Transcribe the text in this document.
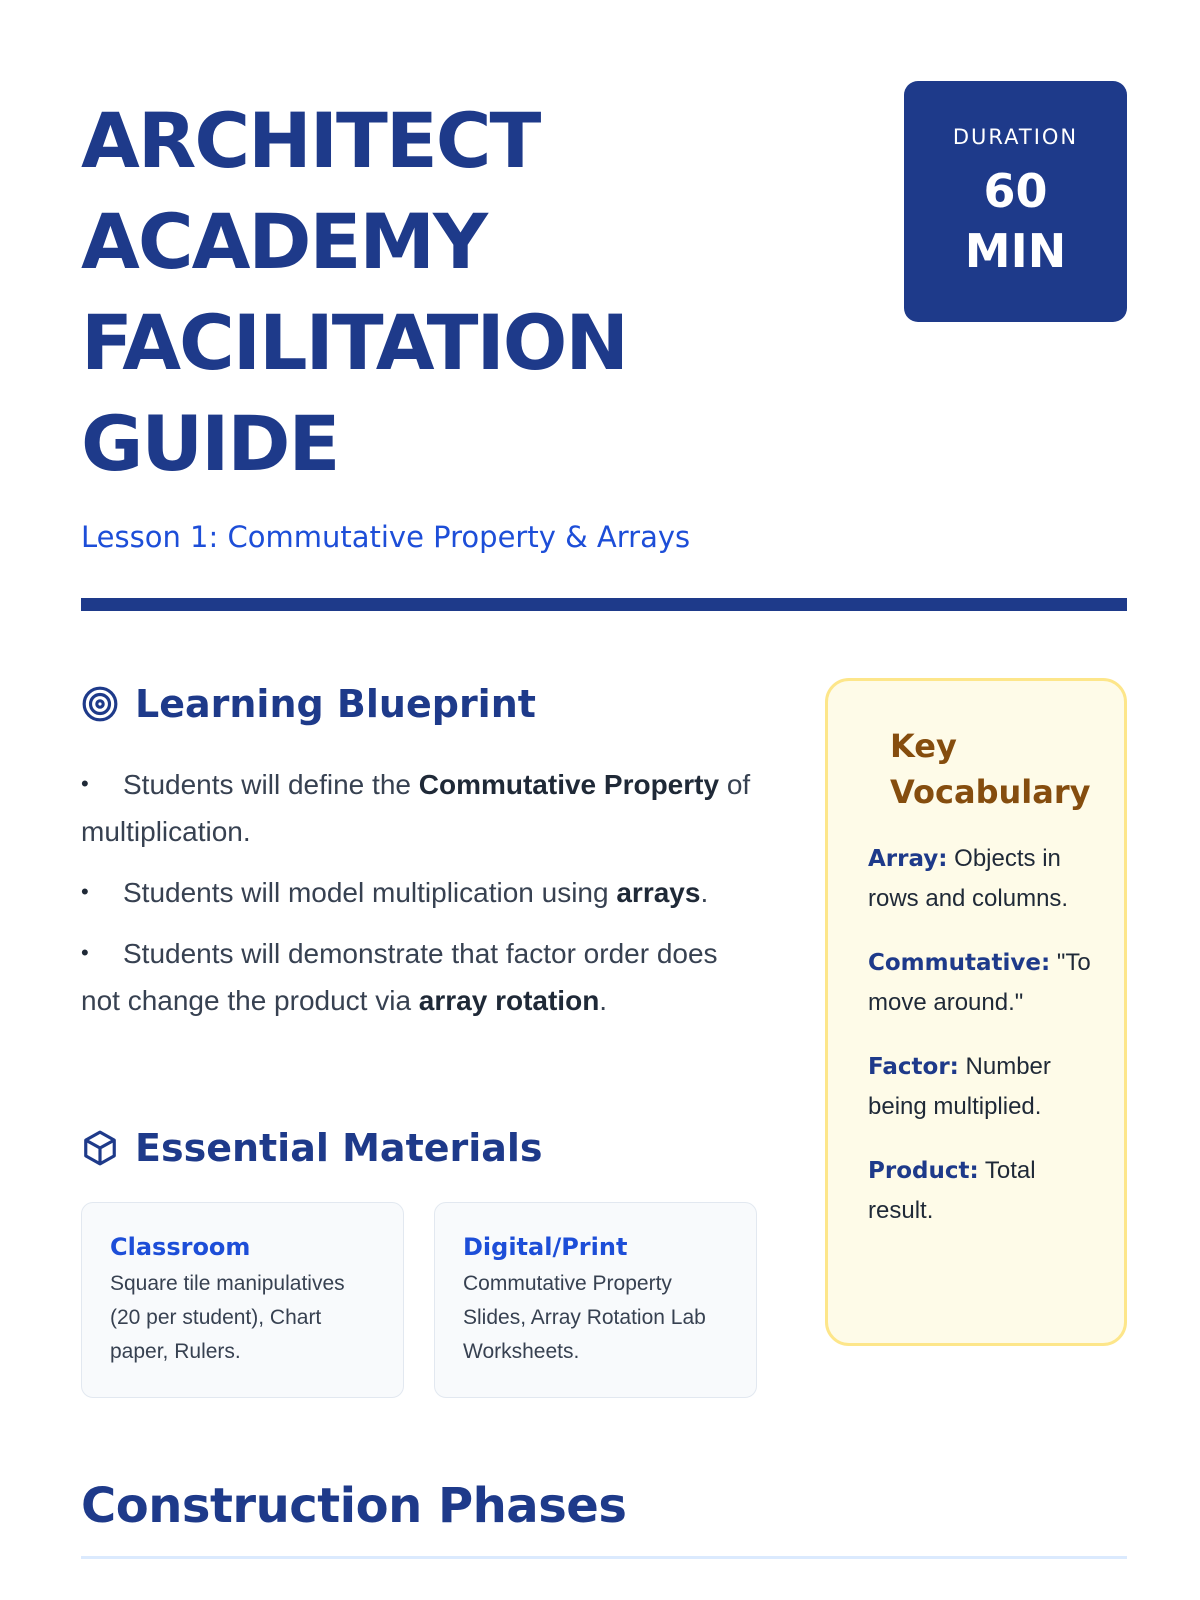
ARCHITECT
ACADEMY
FACILITATION
GUIDE
Lesson 1: Commutative Property & Arrays
DURATION
60
MIN
Learning Blueprint
• Students will define the Commutative Property of multiplication.
• Students will model multiplication using arrays.
• Students will demonstrate that factor order does not change the product via array rotation.
Essential Materials
Classroom
Square tile manipulatives (20 per student), Chart paper, Rulers.
Digital/Print
Commutative Property Slides, Array Rotation Lab Worksheets.
Key
Vocabulary
Array: Objects in rows and columns.
Commutative: "To move around."
Factor: Number being multiplied.
Product: Total result.
Construction Phases
